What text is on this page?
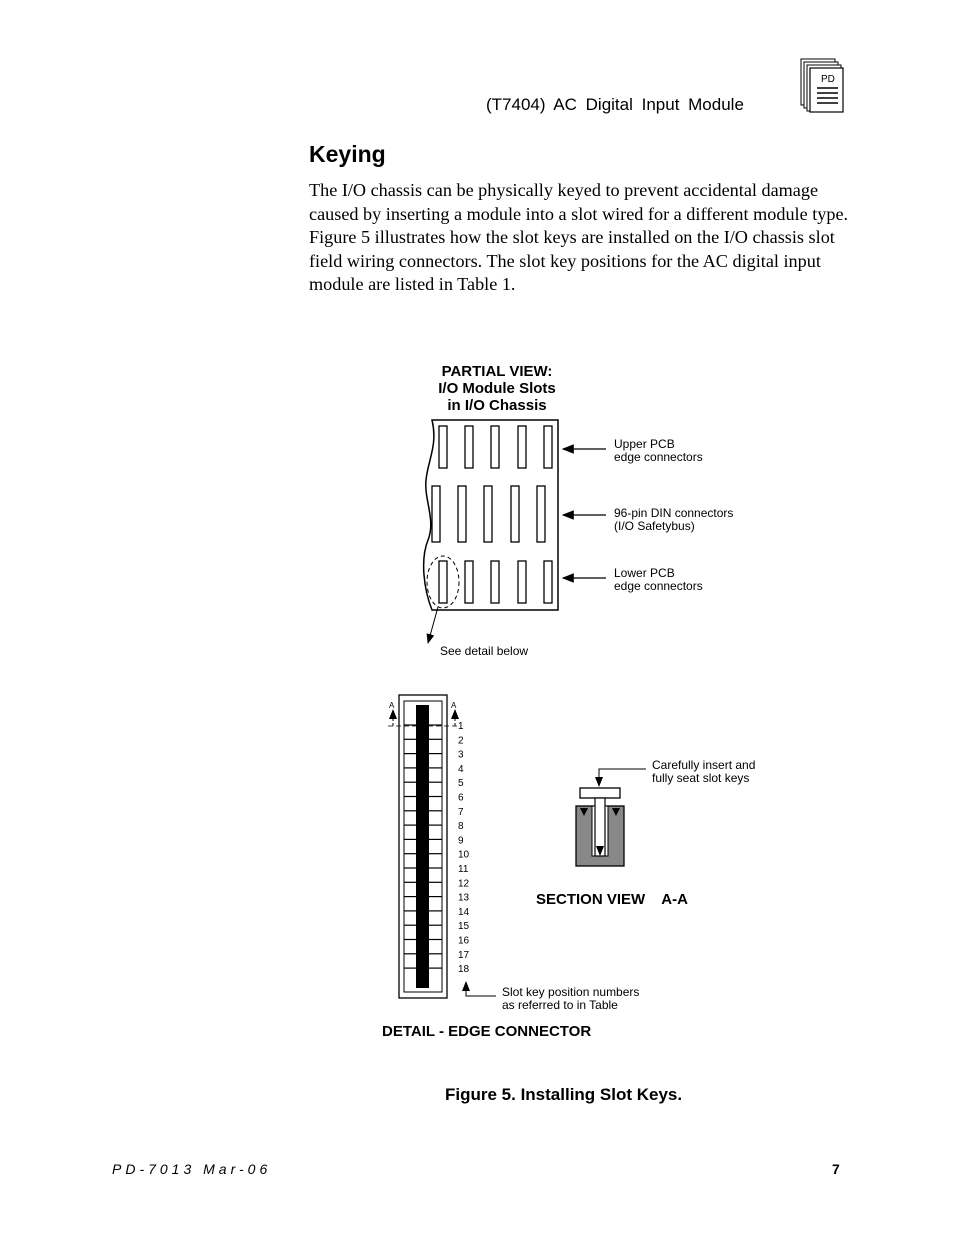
(T7404) AC Digital Input Module
PD
Keying
The I/O chassis can be physically keyed to prevent accidental damage caused by inserting a module into a slot wired for a different module type. Figure 5 illustrates how the slot keys are installed on the I/O chassis slot field wiring connectors. The slot key positions for the AC digital input module are listed in Table 1.
PARTIAL VIEW:
I/O Module Slots
in I/O Chassis
See detail below
Upper PCB
edge connectors
96-pin DIN connectors
(I/O Safetybus)
Lower PCB
edge connectors
A	A
1
2
3
4
5
6
7
8
9
10
11
12
13
14
15
16
17
18
Slot key position numbers
as referred to in Table
DETAIL - EDGE CONNECTOR
Carefully insert and
fully seat slot keys
SECTION VIEW    A-A
Figure 5. Installing Slot Keys.
PD-7013 Mar-06	7
